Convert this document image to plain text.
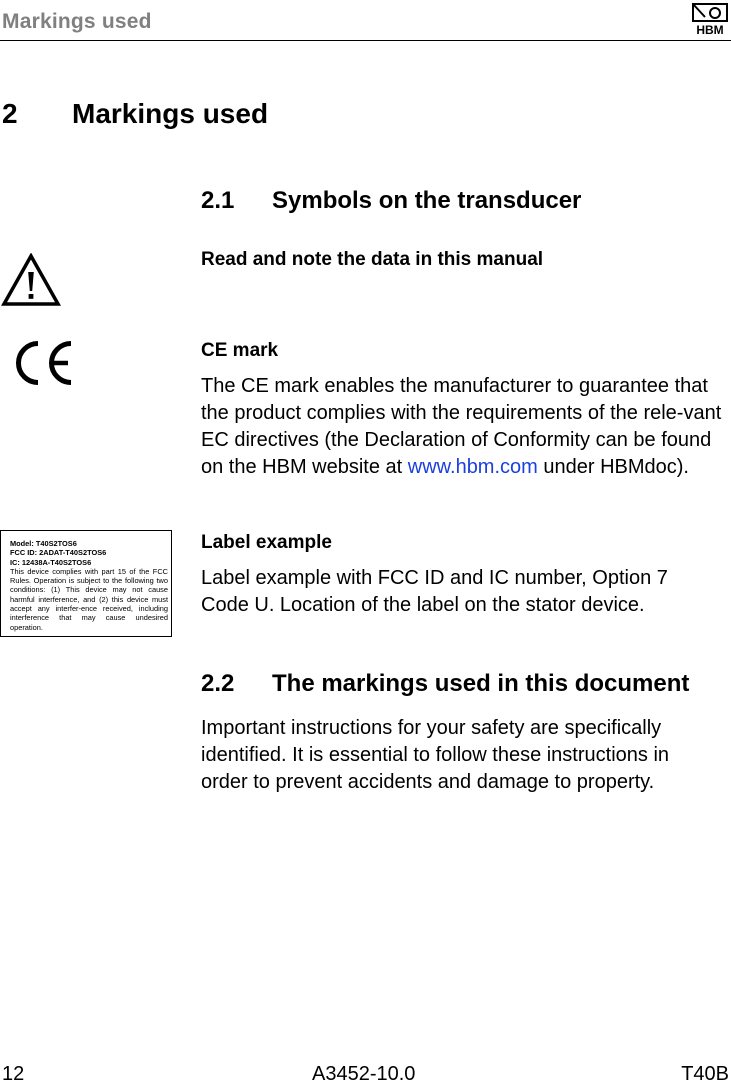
Markings used	HBM
2 Markings used
2.1 Symbols on the transducer
Read and note the data in this manual
CE mark
The CE mark enables the manufacturer to guarantee that the product complies with the requirements of the rele-vant EC directives (the Declaration of Conformity can be found on the HBM website at www.hbm.com under HBMdoc).
Model: T40S2TOS6
FCC ID: 2ADAT-T40S2TOS6
IC: 12438A-T40S2TOS6
This device complies with part 15 of the FCC Rules. Operation is subject to the following two conditions: (1) This device may not cause harmful interference, and (2) this device must accept any interfer-ence received, including interference that may cause undesired operation.
Label example
Label example with FCC ID and IC number, Option 7 Code U. Location of the label on the stator device.
2.2 The markings used in this document
Important instructions for your safety are specifically identified. It is essential to follow these instructions in order to prevent accidents and damage to property.
12	A3452-10.0	T40B
